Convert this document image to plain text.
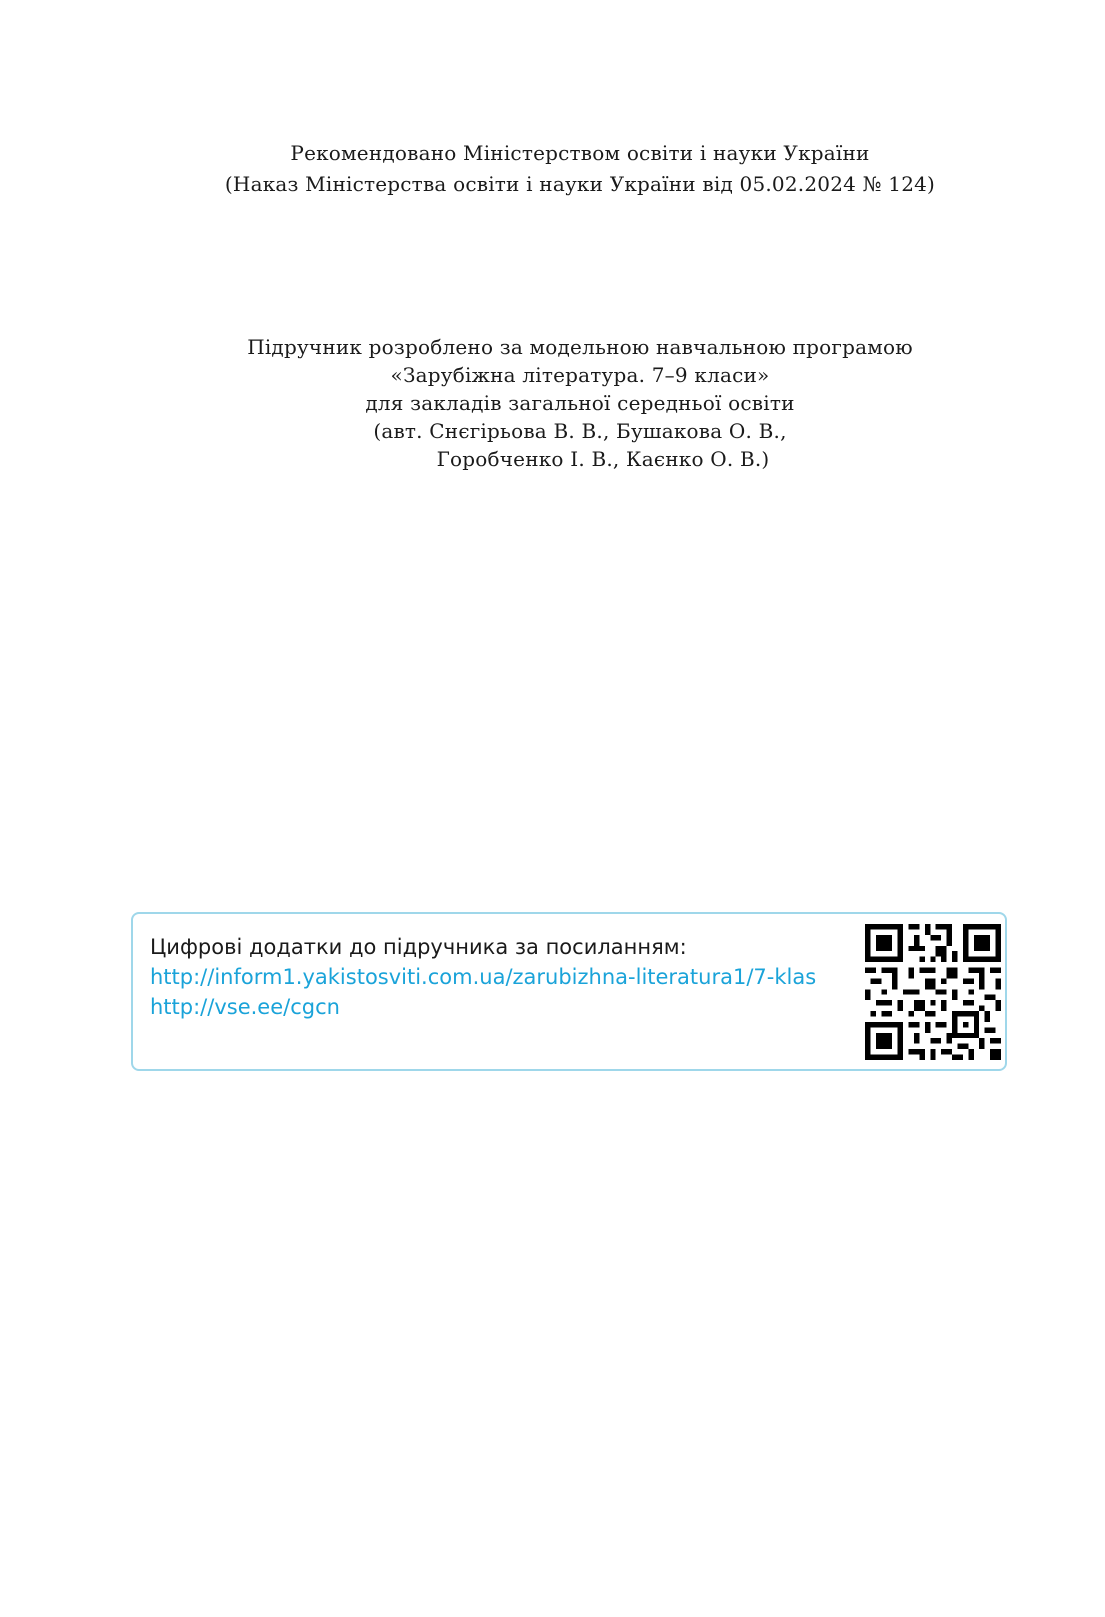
Рекомендовано Міністерством освіти і науки України
(Наказ Міністерства освіти і науки України від 05.02.2024 № 124)
Підручник розроблено за модельною навчальною програмою
«Зарубіжна література. 7–9 класи»
для закладів загальної середньої освіти
(авт. Снєгірьова В. В., Бушакова О. В.,
Горобченко І. В., Каєнко О. В.)
Цифрові додатки до підручника за посиланням:
http://inform1.yakistosviti.com.ua/zarubizhna-literatura1/7-klas
http://vse.ee/cgcn
